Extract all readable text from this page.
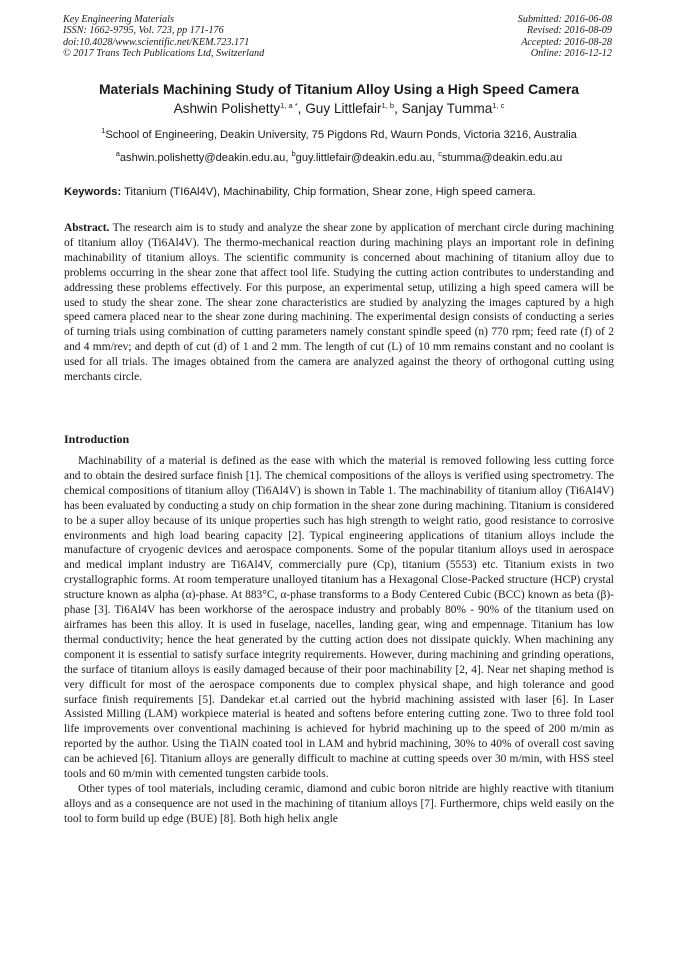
Key Engineering Materials
ISSN: 1662-9795, Vol. 723, pp 171-176
doi:10.4028/www.scientific.net/KEM.723.171
© 2017 Trans Tech Publications Ltd, Switzerland
Submitted: 2016-06-08
Revised: 2016-08-09
Accepted: 2016-08-28
Online: 2016-12-12
Materials Machining Study of Titanium Alloy Using a High Speed Camera
Ashwin Polishetty$^{1, a *}$, Guy Littlefair$^{1, b}$, Sanjay Tumma$^{1, c}$
$^1$School of Engineering, Deakin University, 75 Pigdons Rd, Waurn Ponds, Victoria 3216, Australia
$^a$ashwin.polishetty@deakin.edu.au, $^b$guy.littlefair@deakin.edu.au, $^c$stumma@deakin.edu.au
Keywords: Titanium (TI6Al4V), Machinability, Chip formation, Shear zone, High speed camera.
Abstract. The research aim is to study and analyze the shear zone by application of merchant circle during machining of titanium alloy (Ti6Al4V). The thermo-mechanical reaction during machining plays an important role in defining machinability of titanium alloys. The scientific community is concerned about machining of titanium alloy due to problems occurring in the shear zone that affect tool life. Studying the cutting action contributes to understanding and addressing these problems effectively. For this purpose, an experimental setup, utilizing a high speed camera will be used to study the shear zone. The shear zone characteristics are studied by analyzing the images captured by a high speed camera placed near to the shear zone during machining. The experimental design consists of conducting a series of turning trials using combination of cutting parameters namely constant spindle speed (n) 770 rpm; feed rate (f) of 2 and 4 mm/rev; and depth of cut (d) of 1 and 2 mm. The length of cut (L) of 10 mm remains constant and no coolant is used for all trials. The images obtained from the camera are analyzed against the theory of orthogonal cutting using merchants circle.
Introduction

Machinability of a material is defined as the ease with which the material is removed following less cutting force and to obtain the desired surface finish [1]. The chemical compositions of the alloys is verified using spectrometry. The chemical compositions of titanium alloy (Ti6Al4V) is shown in Table 1. The machinability of titanium alloy (Ti6Al4V) has been evaluated by conducting a study on chip formation in the shear zone during machining. Titanium is considered to be a super alloy because of its unique properties such has high strength to weight ratio, good resistance to corrosive environments and high load bearing capacity [2]. Typical engineering applications of titanium alloys include the manufacture of cryogenic devices and aerospace components. Some of the popular titanium alloys used in aerospace and medical implant industry are Ti6Al4V, commercially pure (Cp), titanium (5553) etc. Titanium exists in two crystallographic forms. At room temperature unalloyed titanium has a Hexagonal Close-Packed structure (HCP) crystal structure known as alpha (α)-phase. At 883°C, α-phase transforms to a Body Centered Cubic (BCC) known as beta (β)-phase [3]. Ti6Al4V has been workhorse of the aerospace industry and probably 80% - 90% of the titanium used on airframes has been this alloy. It is used in fuselage, nacelles, landing gear, wing and empennage. Titanium has low thermal conductivity; hence the heat generated by the cutting action does not dissipate quickly. When machining any component it is essential to satisfy surface integrity requirements. However, during machining and grinding operations, the surface of titanium alloys is easily damaged because of their poor machinability [2, 4]. Near net shaping method is very difficult for most of the aerospace components due to complex physical shape, and high tolerance and good surface finish requirements [5]. Dandekar et.al carried out the hybrid machining assisted with laser [6]. In Laser Assisted Milling (LAM) workpiece material is heated and softens before entering cutting zone. Two to three fold tool life improvements over conventional machining is achieved for hybrid machining up to the speed of 200 m/min as reported by the author. Using the TiAlN coated tool in LAM and hybrid machining, 30% to 40% of overall cost saving can be achieved [6]. Titanium alloys are generally difficult to machine at cutting speeds over 30 m/min, with HSS steel tools and 60 m/min with cemented tungsten carbide tools.

Other types of tool materials, including ceramic, diamond and cubic boron nitride are highly reactive with titanium alloys and as a consequence are not used in the machining of titanium alloys [7]. Furthermore, chips weld easily on the tool to form build up edge (BUE) [8]. Both high helix angle
